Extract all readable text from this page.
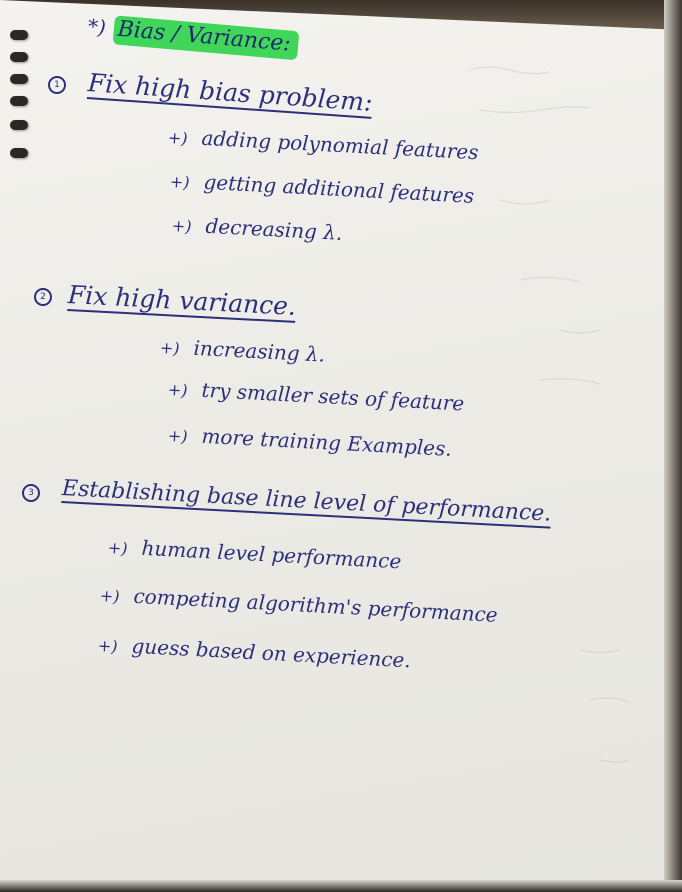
*) Bias / Variance:
1 Fix high bias problem:
+) adding polynomial features
+) getting additional features
+) decreasing λ.
2 Fix high variance.
+) increasing λ.
+) try smaller sets of feature
+) more training Examples.
3 Establishing base line level of performance.
+) human level performance
+) competing algorithm's performance
+) guess based on experience.
